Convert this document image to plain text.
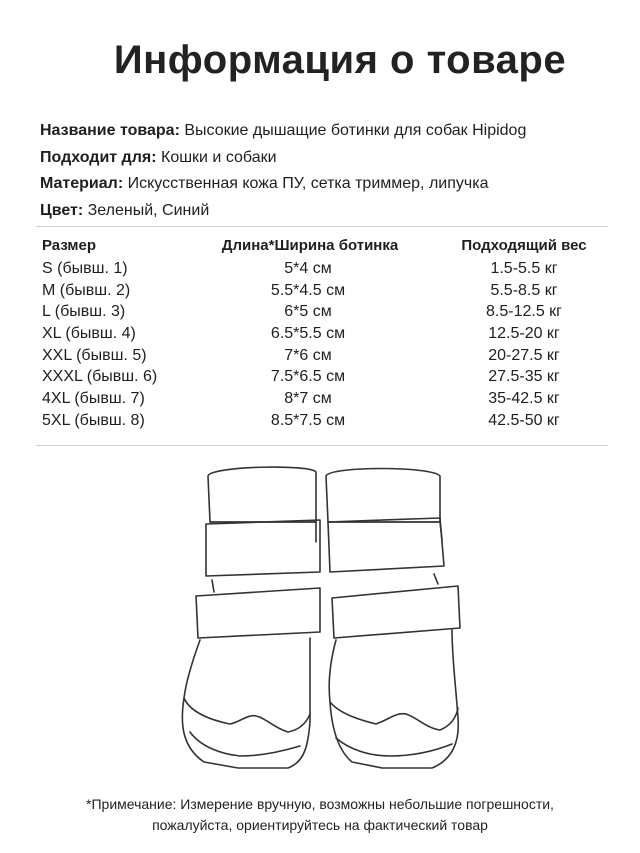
Информация о товаре
Название товара: Высокие дышащие ботинки для собак Hipidog
Подходит для: Кошки и собаки
Материал: Искусственная кожа ПУ, сетка триммер, липучка
Цвет: Зеленый, Синий
Размер	Длина*Ширина ботинка	Подходящий вес
S (бывш. 1)	5*4 см	1.5-5.5 кг
M (бывш. 2)	5.5*4.5 см	5.5-8.5 кг
L (бывш. 3)	6*5 см	8.5-12.5 кг
XL (бывш. 4)	6.5*5.5 см	12.5-20 кг
XXL (бывш. 5)	7*6 см	20-27.5 кг
XXXL (бывш. 6)	7.5*6.5 см	27.5-35 кг
4XL (бывш. 7)	8*7 см	35-42.5 кг
5XL (бывш. 8)	8.5*7.5 см	42.5-50 кг
*Примечание: Измерение вручную, возможны небольшие погрешности,
пожалуйста, ориентируйтесь на фактический товар
